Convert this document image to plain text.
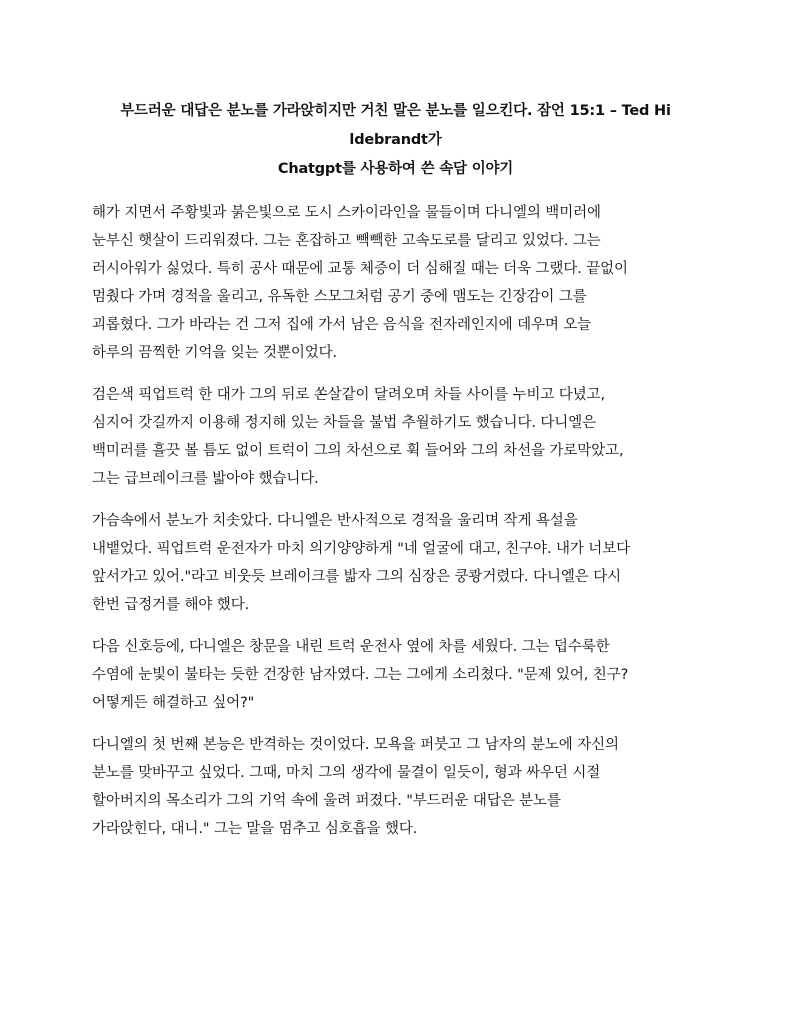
부드러운 대답은 분노를 가라앉히지만 거친 말은 분노를 일으킨다. 잠언 15:1 – Ted Hi
ldebrandt가
Chatgpt를 사용하여 쓴 속담 이야기
해가 지면서 주황빛과 붉은빛으로 도시 스카이라인을 물들이며 다니엘의 백미러에
눈부신 햇살이 드리워졌다. 그는 혼잡하고 빽빽한 고속도로를 달리고 있었다. 그는
러시아워가 싫었다. 특히 공사 때문에 교통 체증이 더 심해질 때는 더욱 그랬다. 끝없이
멈췄다 가며 경적을 울리고, 유독한 스모그처럼 공기 중에 맴도는 긴장감이 그를
괴롭혔다. 그가 바라는 건 그저 집에 가서 남은 음식을 전자레인지에 데우며 오늘
하루의 끔찍한 기억을 잊는 것뿐이었다.
검은색 픽업트럭 한 대가 그의 뒤로 쏜살같이 달려오며 차들 사이를 누비고 다녔고,
심지어 갓길까지 이용해 정지해 있는 차들을 불법 추월하기도 했습니다. 다니엘은
백미러를 흘끗 볼 틈도 없이 트럭이 그의 차선으로 휙 들어와 그의 차선을 가로막았고,
그는 급브레이크를 밟아야 했습니다.
가슴속에서 분노가 치솟았다. 다니엘은 반사적으로 경적을 울리며 작게 욕설을
내뱉었다. 픽업트럭 운전자가 마치 의기양양하게 "네 얼굴에 대고, 친구야. 내가 너보다
앞서가고 있어."라고 비웃듯 브레이크를 밟자 그의 심장은 쿵쾅거렸다. 다니엘은 다시
한번 급정거를 해야 했다.
다음 신호등에, 다니엘은 창문을 내린 트럭 운전사 옆에 차를 세웠다. 그는 덥수룩한
수염에 눈빛이 불타는 듯한 건장한 남자였다. 그는 그에게 소리쳤다. "문제 있어, 친구?
어떻게든 해결하고 싶어?"
다니엘의 첫 번째 본능은 반격하는 것이었다. 모욕을 퍼붓고 그 남자의 분노에 자신의
분노를 맞바꾸고 싶었다. 그때, 마치 그의 생각에 물결이 일듯이, 형과 싸우던 시절
할아버지의 목소리가 그의 기억 속에 울려 퍼졌다. "부드러운 대답은 분노를
가라앉힌다, 대니." 그는 말을 멈추고 심호흡을 했다.
